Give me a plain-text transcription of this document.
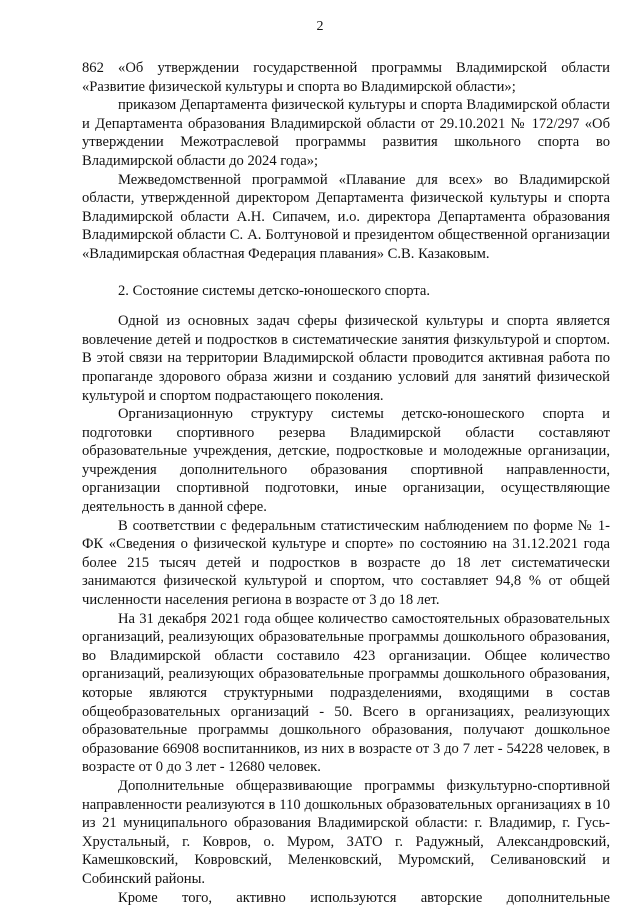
2

862 «Об утверждении государственной программы Владимирской области «Развитие физической культуры и спорта во Владимирской области»;

приказом Департамента физической культуры и спорта Владимирской области и Департамента образования Владимирской области от 29.10.2021 № 172/297 «Об утверждении Межотраслевой программы развития школьного спорта во Владимирской области до 2024 года»;

Межведомственной программой «Плавание для всех» во Владимирской области, утвержденной директором Департамента физической культуры и спорта Владимирской области А.Н. Сипачем, и.о. директора Департамента образования Владимирской области С. А. Болтуновой и президентом общественной организации «Владимирская областная Федерация плавания» С.В. Казаковым.

2. Состояние системы детско-юношеского спорта.

Одной из основных задач сферы физической культуры и спорта является вовлечение детей и подростков в систематические занятия физкультурой и спортом. В этой связи на территории Владимирской области проводится активная работа по пропаганде здорового образа жизни и созданию условий для занятий физической культурой и спортом подрастающего поколения.

Организационную структуру системы детско-юношеского спорта и подготовки спортивного резерва Владимирской области составляют образовательные учреждения, детские, подростковые и молодежные организации, учреждения дополнительного образования спортивной направленности, организации спортивной подготовки, иные организации, осуществляющие деятельность в данной сфере.

В соответствии с федеральным статистическим наблюдением по форме № 1-ФК «Сведения о физической культуре и спорте» по состоянию на 31.12.2021 года более 215 тысяч детей и подростков в возрасте до 18 лет систематически занимаются физической культурой и спортом, что составляет 94,8 % от общей численности населения региона в возрасте от 3 до 18 лет.

На 31 декабря 2021 года общее количество самостоятельных образовательных организаций, реализующих образовательные программы дошкольного образования, во Владимирской области составило 423 организации. Общее количество организаций, реализующих образовательные программы дошкольного образования, которые являются структурными подразделениями, входящими в состав общеобразовательных организаций - 50. Всего в организациях, реализующих образовательные программы дошкольного образования, получают дошкольное образование 66908 воспитанников, из них в возрасте от 3 до 7 лет - 54228 человек, в возрасте от 0 до 3 лет - 12680 человек.

Дополнительные общеразвивающие программы физкультурно-спортивной направленности реализуются в 110 дошкольных образовательных организациях в 10 из 21 муниципального образования Владимирской области: г. Владимир, г. Гусь-Хрустальный, г. Ковров, о. Муром, ЗАТО г. Радужный, Александровский, Камешковский, Ковровский, Меленковский, Муромский, Селивановский и Собинский районы.

Кроме того, активно используются авторские дополнительные
